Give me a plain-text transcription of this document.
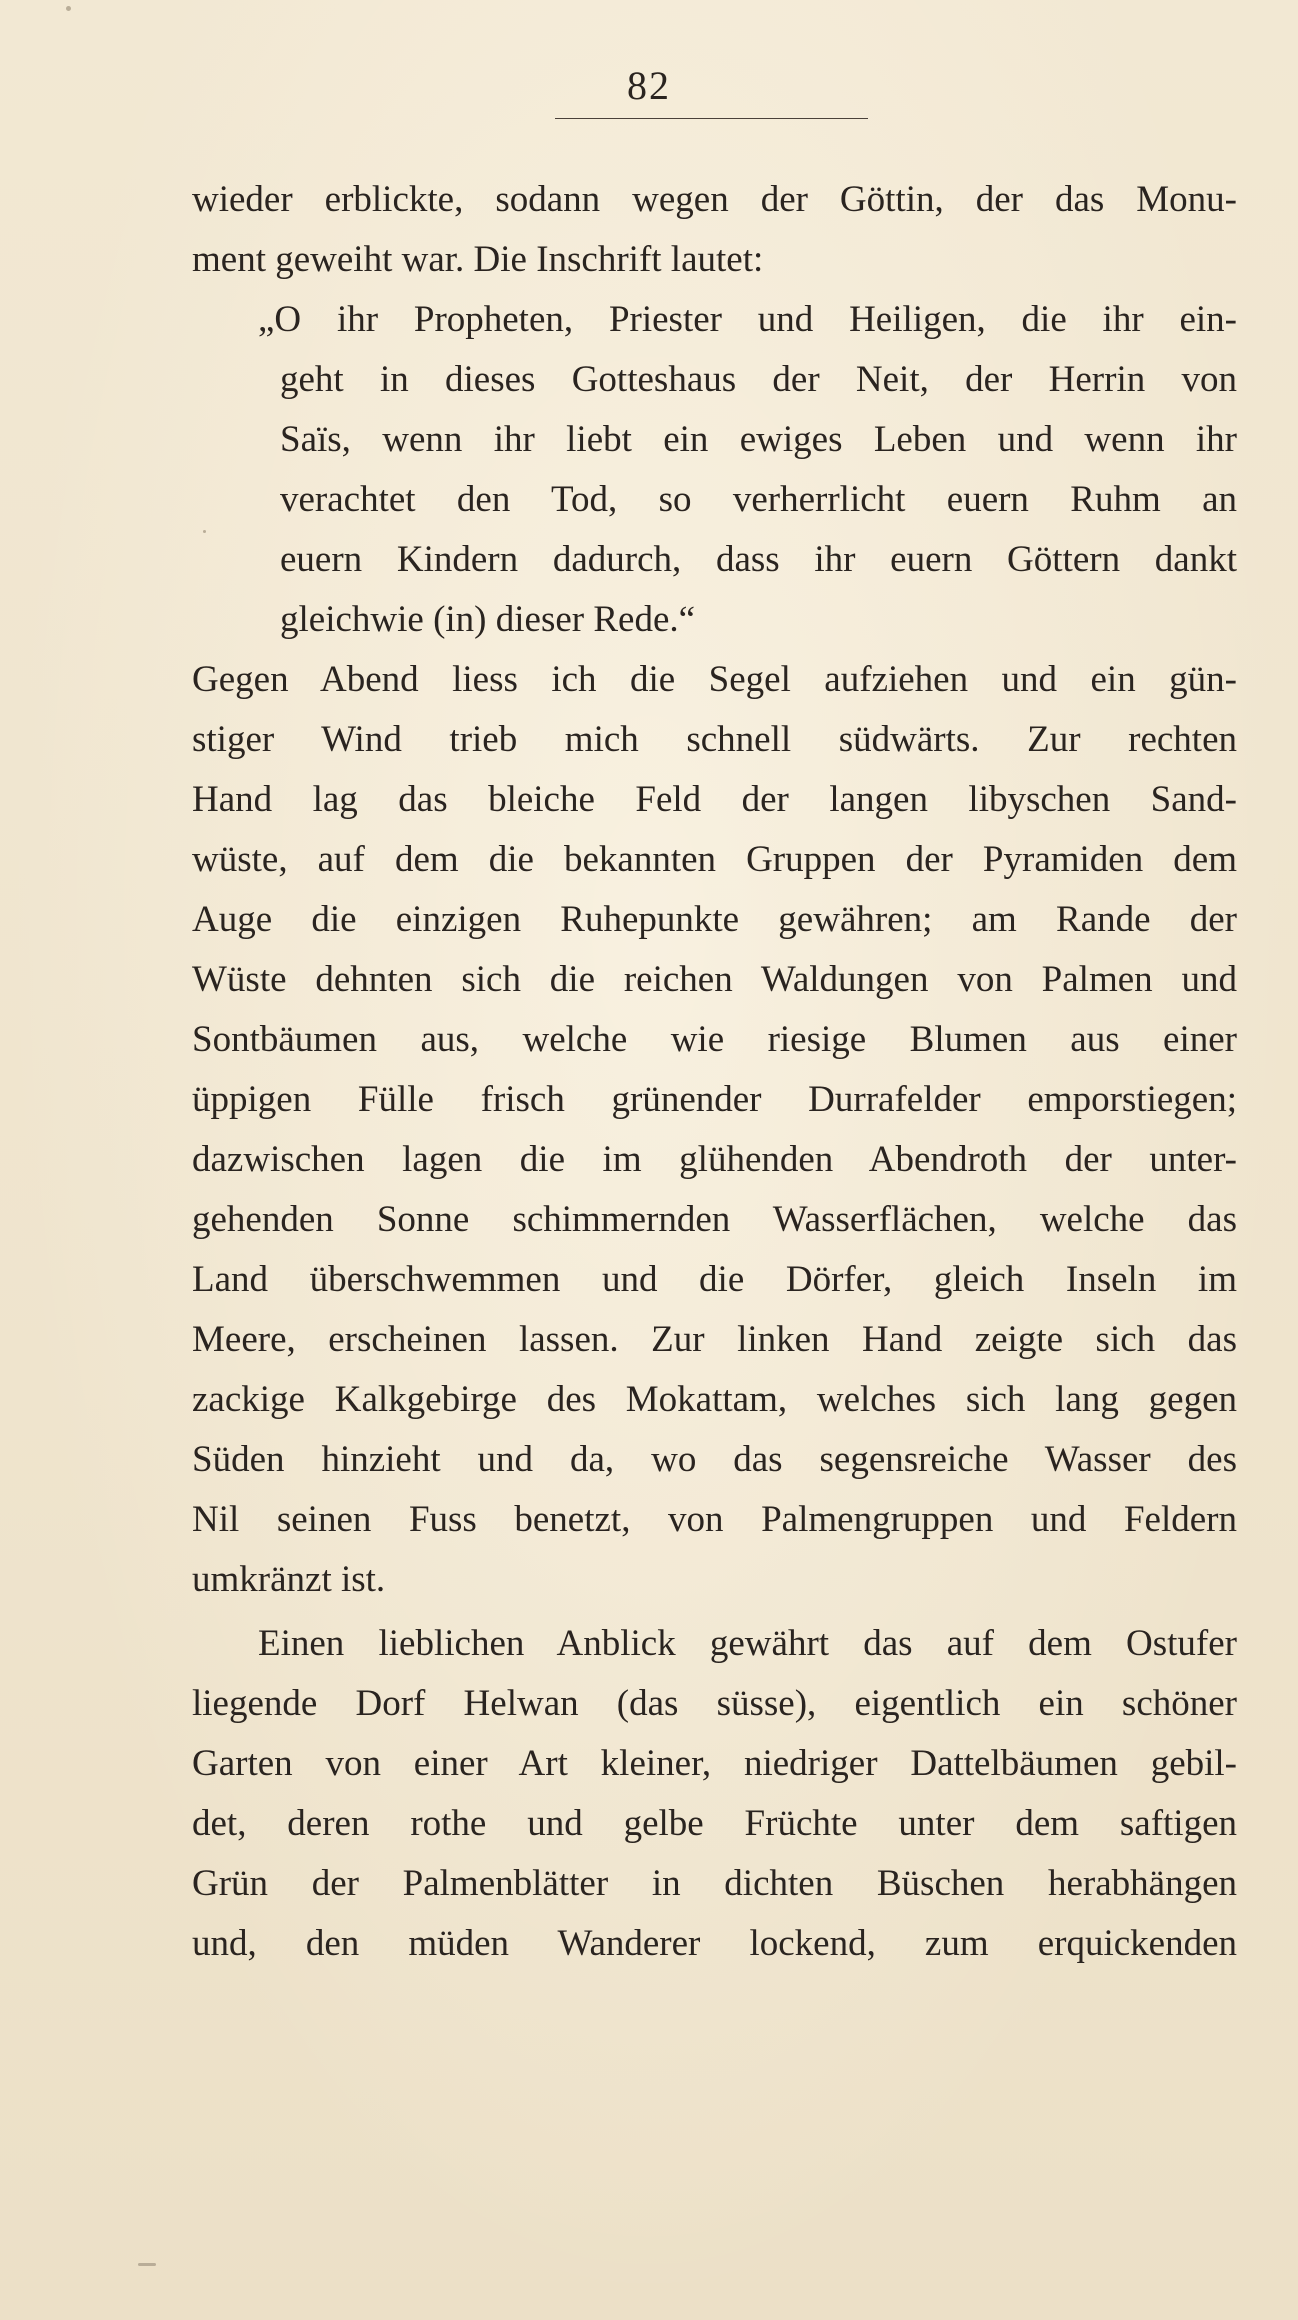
82
wieder erblickte, sodann wegen der Göttin, der das Monu-
ment geweiht war. Die Inschrift lautet:
„O ihr Propheten, Priester und Heiligen, die ihr ein-
geht in dieses Gotteshaus der Neit, der Herrin von
Saïs, wenn ihr liebt ein ewiges Leben und wenn ihr
verachtet den Tod, so verherrlicht euern Ruhm an
euern Kindern dadurch, dass ihr euern Göttern dankt
gleichwie (in) dieser Rede.“
Gegen Abend liess ich die Segel aufziehen und ein gün-
stiger Wind trieb mich schnell südwärts. Zur rechten
Hand lag das bleiche Feld der langen libyschen Sand-
wüste, auf dem die bekannten Gruppen der Pyramiden dem
Auge die einzigen Ruhepunkte gewähren; am Rande der
Wüste dehnten sich die reichen Waldungen von Palmen und
Sontbäumen aus, welche wie riesige Blumen aus einer
üppigen Fülle frisch grünender Durrafelder emporstiegen;
dazwischen lagen die im glühenden Abendroth der unter-
gehenden Sonne schimmernden Wasserflächen, welche das
Land überschwemmen und die Dörfer, gleich Inseln im
Meere, erscheinen lassen. Zur linken Hand zeigte sich das
zackige Kalkgebirge des Mokattam, welches sich lang gegen
Süden hinzieht und da, wo das segensreiche Wasser des
Nil seinen Fuss benetzt, von Palmengruppen und Feldern
umkränzt ist.
Einen lieblichen Anblick gewährt das auf dem Ostufer
liegende Dorf Helwan (das süsse), eigentlich ein schöner
Garten von einer Art kleiner, niedriger Dattelbäumen gebil-
det, deren rothe und gelbe Früchte unter dem saftigen
Grün der Palmenblätter in dichten Büschen herabhängen
und, den müden Wanderer lockend, zum erquickenden
